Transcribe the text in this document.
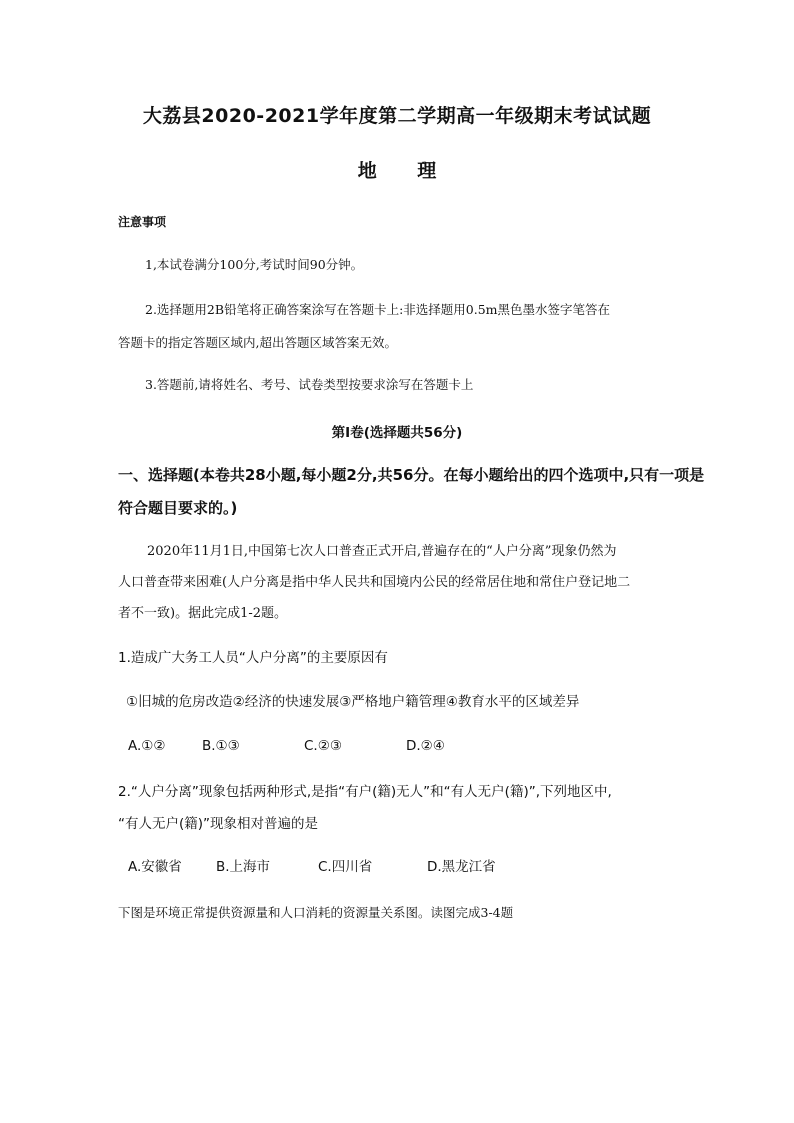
大荔县2020-2021学年度第二学期高一年级期末考试试题
地 理
注意事项
1,本试卷满分100分,考试时间90分钟。
2.选择题用2B铅笔将正确答案涂写在答题卡上:非选择题用0.5m黑色墨水签字笔答在
答题卡的指定答题区域内,超出答题区域答案无效。
3.答题前,请将姓名、考号、试卷类型按要求涂写在答题卡上
第Ⅰ卷(选择题共56分)
一、选择题(本卷共28小题,每小题2分,共56分。在每小题给出的四个选项中,只有一项是
符合题目要求的。)
2020年11月1日,中国第七次人口普查正式开启,普遍存在的“人户分离”现象仍然为
人口普查带来困难(人户分离是指中华人民共和国境内公民的经常居住地和常住户登记地二
者不一致)。据此完成1-2题。
1.造成广大务工人员“人户分离”的主要原因有
①旧城的危房改造②经济的快速发展③严格地户籍管理④教育水平的区域差异
A.①②	B.①③	C.②③	D.②④
2.“人户分离”现象包括两种形式,是指“有户(籍)无人”和“有人无户(籍)”,下列地区中,
“有人无户(籍)”现象相对普遍的是
A.安徽省	B.上海市	C.四川省	D.黑龙江省
下图是环境正常提供资源量和人口消耗的资源量关系图。读图完成3-4题
